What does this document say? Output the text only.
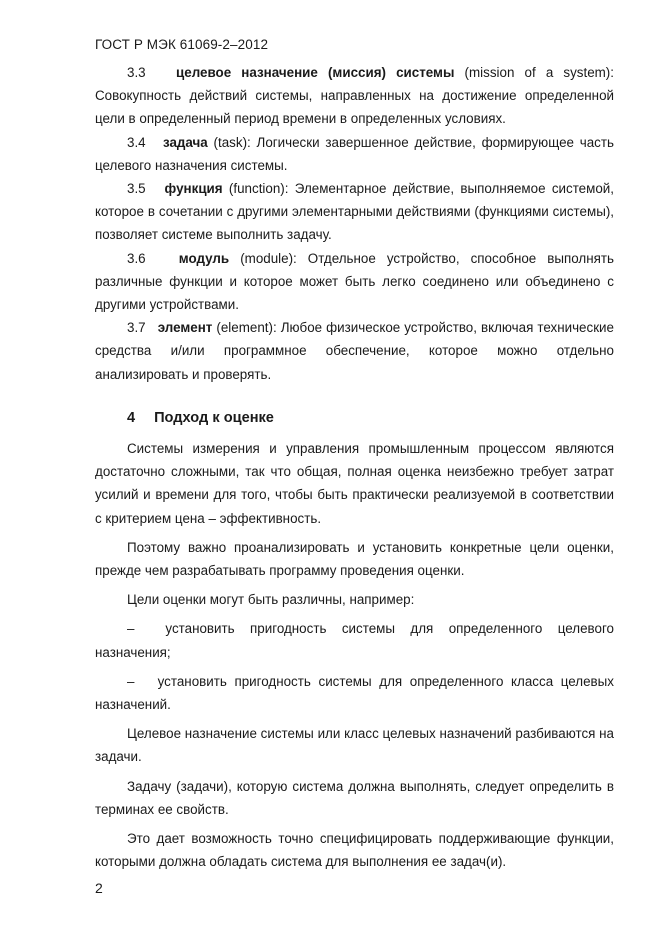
ГОСТ Р МЭК 61069-2–2012

3.3 целевое назначение (миссия) системы (mission of a system): Совокупность действий системы, направленных на достижение определенной цели в определенный период времени в определенных условиях.

3.4 задача (task): Логически завершенное действие, формирующее часть целевого назначения системы.

3.5 функция (function): Элементарное действие, выполняемое системой, которое в сочетании с другими элементарными действиями (функциями системы), позволяет системе выполнить задачу.

3.6 модуль (module): Отдельное устройство, способное выполнять различные функции и которое может быть легко соединено или объединено с другими устройствами.

3.7 элемент (element): Любое физическое устройство, включая технические средства и/или программное обеспечение, которое можно отдельно анализировать и проверять.

4 Подход к оценке

Системы измерения и управления промышленным процессом являются достаточно сложными, так что общая, полная оценка неизбежно требует затрат усилий и времени для того, чтобы быть практически реализуемой в соответствии с критерием цена – эффективность.

Поэтому важно проанализировать и установить конкретные цели оценки, прежде чем разрабатывать программу проведения оценки.

Цели оценки могут быть различны, например:

– установить пригодность системы для определенного целевого назначения;

– установить пригодность системы для определенного класса целевых назначений.

Целевое назначение системы или класс целевых назначений разбиваются на задачи.

Задачу (задачи), которую система должна выполнять, следует определить в терминах ее свойств.

Это дает возможность точно специфицировать поддерживающие функции, которыми должна обладать система для выполнения ее задач(и).

2
